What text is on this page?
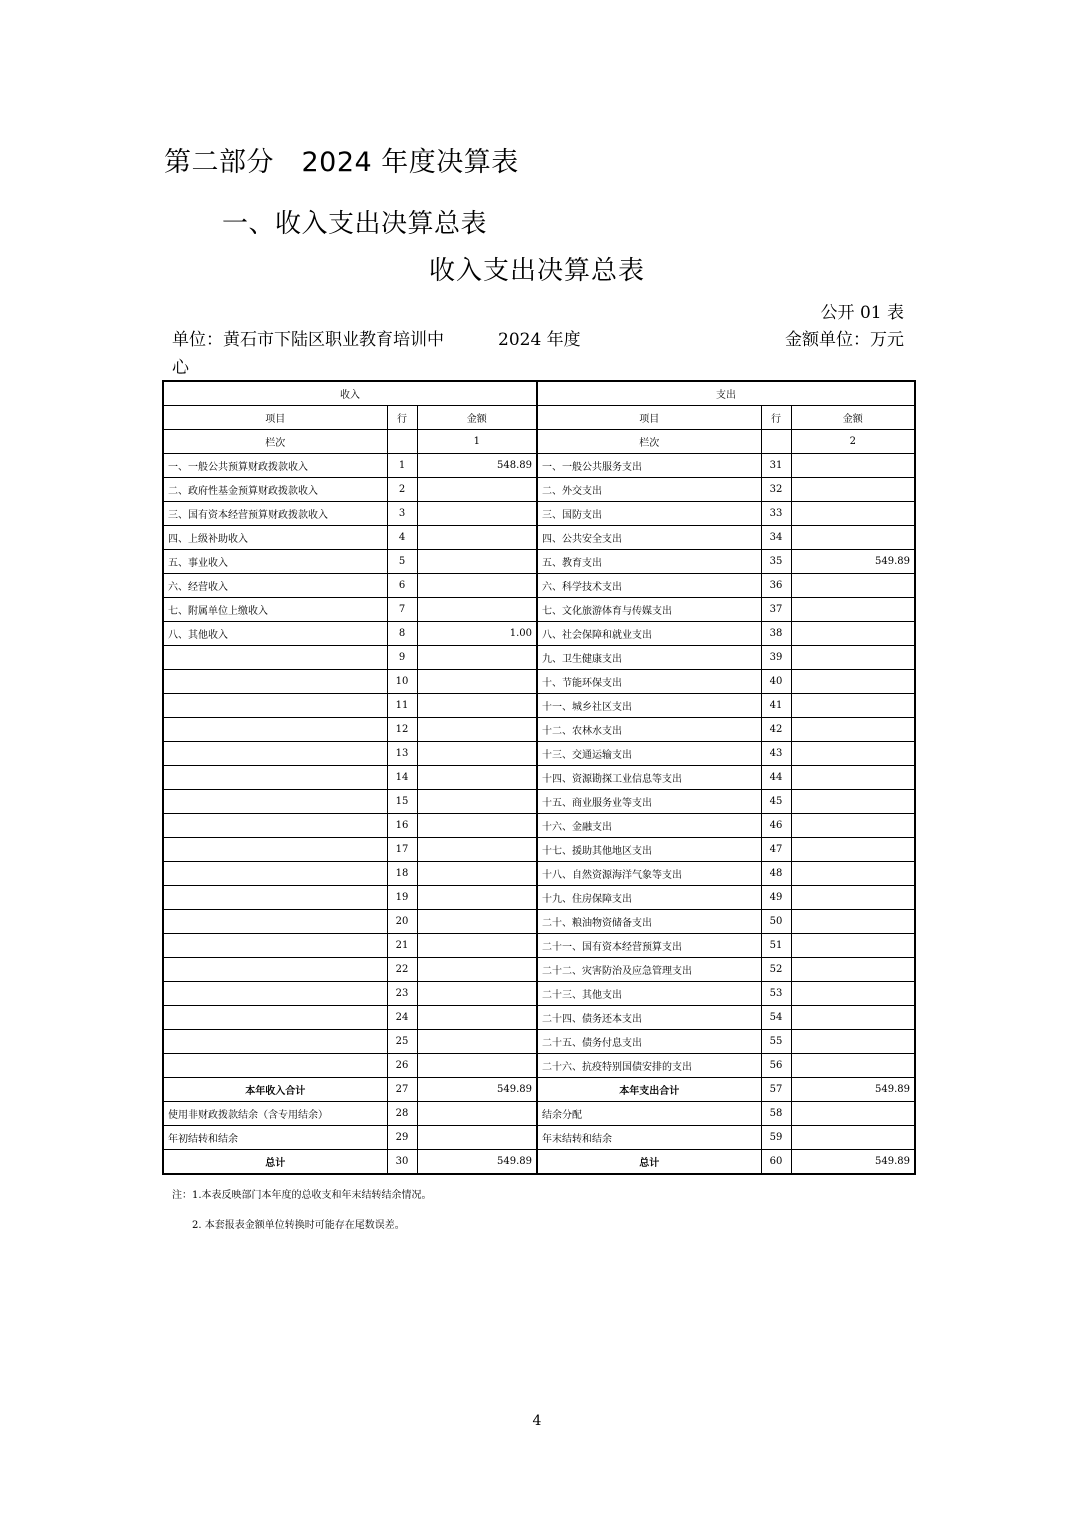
第二部分　2024 年度决算表
一、收入支出决算总表
收入支出决算总表
公开 01 表
单位：黄石市下陆区职业教育培训中心
2024 年度	金额单位：万元
收入			支出		
项目	行	金额	项目	行	金额
栏次		1	栏次		2
一、一般公共预算财政拨款收入	1	548.89	一、一般公共服务支出	31	
二、政府性基金预算财政拨款收入	2		二、外交支出	32	
三、国有资本经营预算财政拨款收入	3		三、国防支出	33	
四、上级补助收入	4		四、公共安全支出	34	
五、事业收入	5		五、教育支出	35	549.89
六、经营收入	6		六、科学技术支出	36	
七、附属单位上缴收入	7		七、文化旅游体育与传媒支出	37	
八、其他收入	8	1.00	八、社会保障和就业支出	38	
	9		九、卫生健康支出	39	
	10		十、节能环保支出	40	
	11		十一、城乡社区支出	41	
	12		十二、农林水支出	42	
	13		十三、交通运输支出	43	
	14		十四、资源勘探工业信息等支出	44	
	15		十五、商业服务业等支出	45	
	16		十六、金融支出	46	
	17		十七、援助其他地区支出	47	
	18		十八、自然资源海洋气象等支出	48	
	19		十九、住房保障支出	49	
	20		二十、粮油物资储备支出	50	
	21		二十一、国有资本经营预算支出	51	
	22		二十二、灾害防治及应急管理支出	52	
	23		二十三、其他支出	53	
	24		二十四、债务还本支出	54	
	25		二十五、债务付息支出	55	
	26		二十六、抗疫特别国债安排的支出	56	
本年收入合计	27	549.89	本年支出合计	57	549.89
使用非财政拨款结余（含专用结余）	28		结余分配	58	
年初结转和结余	29		年末结转和结余	59	
总计	30	549.89	总计	60	549.89
注：1.本表反映部门本年度的总收支和年末结转结余情况。
2. 本套报表金额单位转换时可能存在尾数误差。
4
